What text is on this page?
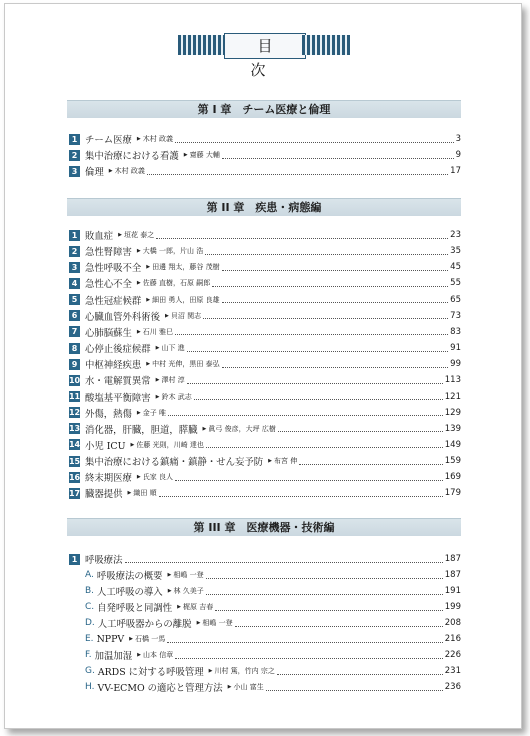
目 次
第 I 章　チーム医療と倫理
1 チーム医療	▶ 木村 政義	3
2 集中治療における看護	▶ 齋藤 大輔	9
3 倫理	▶ 木村 政義	17
第 II 章　疾患・病態編
1 敗血症	▶ 垣花 泰之	23
2 急性腎障害	▶ 大橋 一郎，片山 浩	35
3 急性呼吸不全	▶ 田邊 翔太，藤谷 茂樹	45
4 急性心不全	▶ 佐藤 直樹，石原 嗣郎	55
5 急性冠症候群	▶ 細田 勇人，田原 良雄	65
6 心臓血管外科術後	▶ 貝沼 関志	73
7 心肺脳蘇生	▶ 石川 雅巳	83
8 心停止後症候群	▶ 山下 進	91
9 中枢神経疾患	▶ 中村 光伸，黒田 泰弘	99
10 水・電解質異常	▶ 澤村 淳	113
11 酸塩基平衡障害	▶ 鈴木 武志	121
12 外傷，熱傷	▶ 金子 唯	129
13 消化器，肝臓，胆道，膵臓	▶ 眞弓 俊彦，大坪 広樹	139
14 小児 ICU	▶ 佐藤 光則，川崎 達也	149
15 集中治療における鎮痛・鎮静・せん妄予防	▶ 布宮 伸	159
16 終末期医療	▶ 氏家 良人	169
17 臓器提供	▶ 織田 順	179
第 III 章　医療機器・技術編
1 呼吸療法	187
A. 呼吸療法の概要	▶ 相嶋 一登	187
B. 人工呼吸の導入	▶ 林 久美子	191
C. 自発呼吸と同調性	▶ 梶原 吉春	199
D. 人工呼吸器からの離脱	▶ 相嶋 一登	208
E. NPPV	▶ 石橋 一馬	216
F. 加温加湿	▶ 山本 信章	226
G. ARDS に対する呼吸管理	▶ 川村 篤，竹内 宗之	231
H. VV-ECMO の適応と管理方法	▶ 小山 富生	236
